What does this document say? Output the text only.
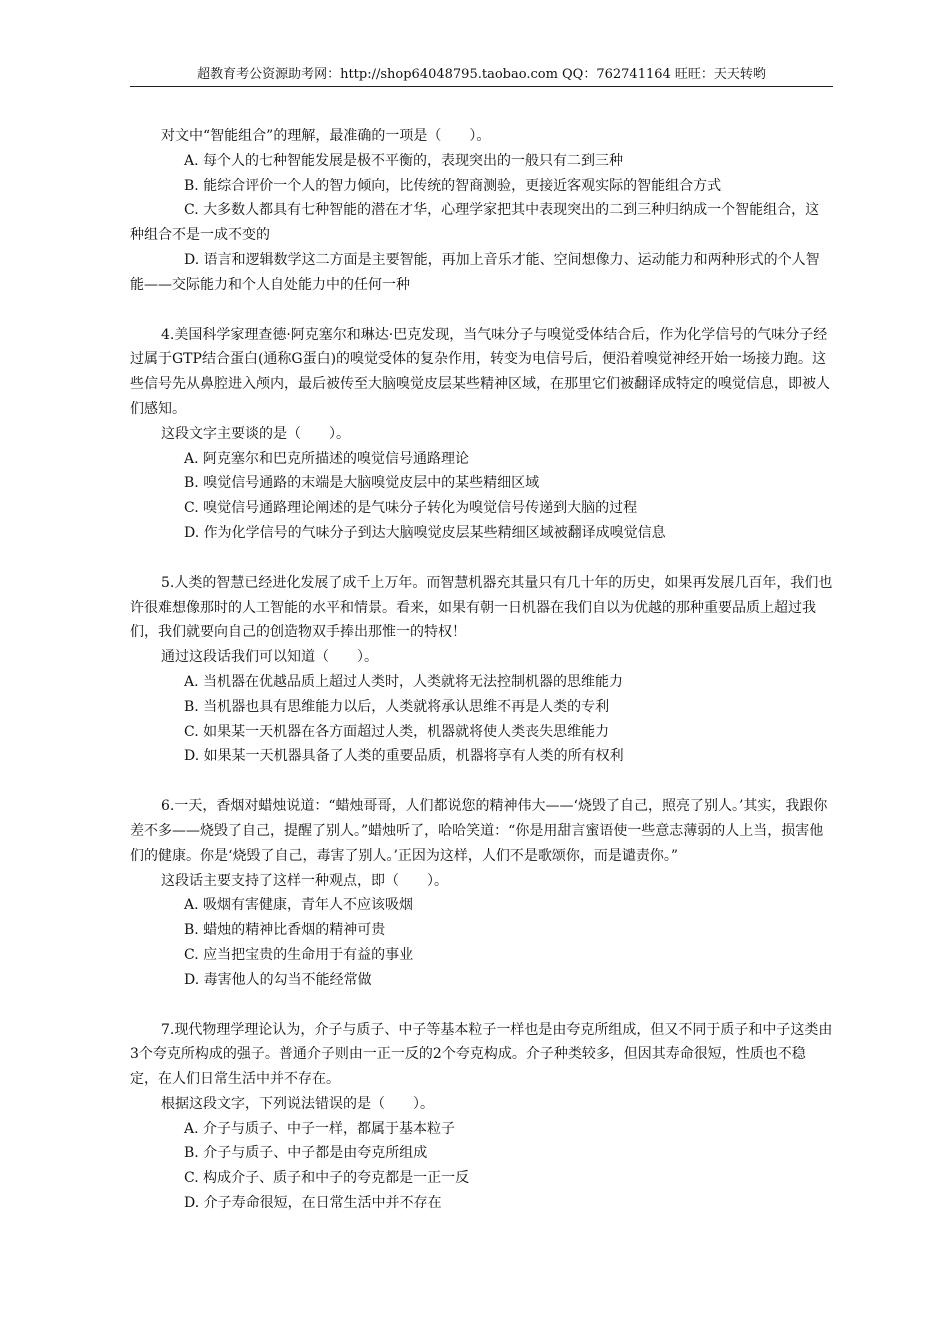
超教育考公资源助考网：http://shop64048795.taobao.com QQ：762741164 旺旺：天天转哟

对文中“智能组合”的理解，最准确的一项是（　　）。

A. 每个人的七种智能发展是极不平衡的，表现突出的一般只有二到三种

B. 能综合评价一个人的智力倾向，比传统的智商测验，更接近客观实际的智能组合方式

C. 大多数人都具有七种智能的潜在才华，心理学家把其中表现突出的二到三种归纳成一个智能组合，这种组合不是一成不变的

D. 语言和逻辑数学这二方面是主要智能，再加上音乐才能、空间想像力、运动能力和两种形式的个人智能——交际能力和个人自处能力中的任何一种

4.美国科学家理查德·阿克塞尔和琳达·巴克发现，当气味分子与嗅觉受体结合后，作为化学信号的气味分子经过属于GTP结合蛋白(通称G蛋白)的嗅觉受体的复杂作用，转变为电信号后，便沿着嗅觉神经开始一场接力跑。这些信号先从鼻腔进入颅内，最后被传至大脑嗅觉皮层某些精神区域，在那里它们被翻译成特定的嗅觉信息，即被人们感知。

这段文字主要谈的是（　　）。

A. 阿克塞尔和巴克所描述的嗅觉信号通路理论

B. 嗅觉信号通路的末端是大脑嗅觉皮层中的某些精细区域

C. 嗅觉信号通路理论阐述的是气味分子转化为嗅觉信号传递到大脑的过程

D. 作为化学信号的气味分子到达大脑嗅觉皮层某些精细区域被翻译成嗅觉信息

5.人类的智慧已经进化发展了成千上万年。而智慧机器充其量只有几十年的历史，如果再发展几百年，我们也许很难想像那时的人工智能的水平和情景。看来，如果有朝一日机器在我们自以为优越的那种重要品质上超过我们，我们就要向自己的创造物双手捧出那惟一的特权！

通过这段话我们可以知道（　　）。

A. 当机器在优越品质上超过人类时，人类就将无法控制机器的思维能力

B. 当机器也具有思维能力以后，人类就将承认思维不再是人类的专利

C. 如果某一天机器在各方面超过人类，机器就将使人类丧失思维能力

D. 如果某一天机器具备了人类的重要品质，机器将享有人类的所有权利

6.一天，香烟对蜡烛说道：“蜡烛哥哥，人们都说您的精神伟大——‘烧毁了自己，照亮了别人。’其实，我跟你差不多——烧毁了自己，提醒了别人。”蜡烛听了，哈哈笑道：“你是用甜言蜜语使一些意志薄弱的人上当，损害他们的健康。你是‘烧毁了自己，毒害了别人。’正因为这样，人们不是歌颂你，而是谴责你。”

这段话主要支持了这样一种观点，即（　　）。

A. 吸烟有害健康，青年人不应该吸烟

B. 蜡烛的精神比香烟的精神可贵

C. 应当把宝贵的生命用于有益的事业

D. 毒害他人的勾当不能经常做

7.现代物理学理论认为，介子与质子、中子等基本粒子一样也是由夸克所组成，但又不同于质子和中子这类由3个夸克所构成的强子。普通介子则由一正一反的2个夸克构成。介子种类较多，但因其寿命很短，性质也不稳定，在人们日常生活中并不存在。

根据这段文字，下列说法错误的是（　　）。

A. 介子与质子、中子一样，都属于基本粒子

B. 介子与质子、中子都是由夸克所组成

C. 构成介子、质子和中子的夸克都是一正一反

D. 介子寿命很短，在日常生活中并不存在
